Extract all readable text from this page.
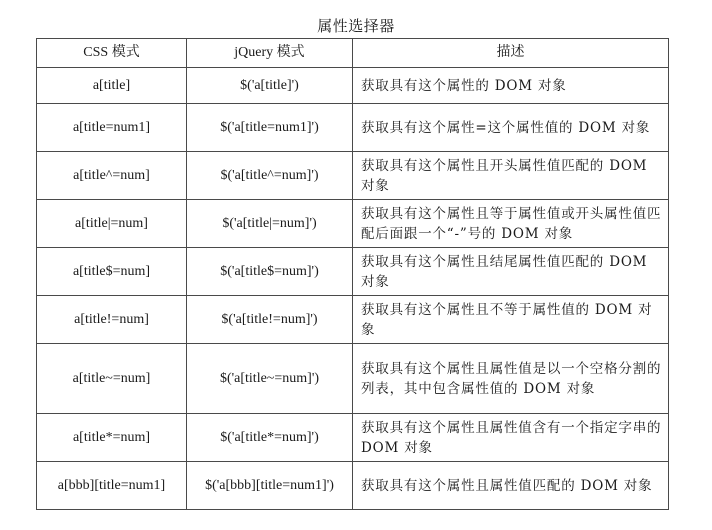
属性选择器
CSS 模式	jQuery 模式	描述
a[title]	$('a[title]')	获取具有这个属性的 DOM 对象
a[title=num1]	$('a[title=num1]')	获取具有这个属性=这个属性值的 DOM 对象
a[title^=num]	$('a[title^=num]')	获取具有这个属性且开头属性值匹配的 DOM 对象
a[title|=num]	$('a[title|=num]')	获取具有这个属性且等于属性值或开头属性值匹配后面跟一个“-”号的 DOM 对象
a[title$=num]	$('a[title$=num]')	获取具有这个属性且结尾属性值匹配的 DOM 对象
a[title!=num]	$('a[title!=num]')	获取具有这个属性且不等于属性值的 DOM 对象
a[title~=num]	$('a[title~=num]')	获取具有这个属性且属性值是以一个空格分割的列表，其中包含属性值的 DOM 对象
a[title*=num]	$('a[title*=num]')	获取具有这个属性且属性值含有一个指定字串的 DOM 对象
a[bbb][title=num1]	$('a[bbb][title=num1]')	获取具有这个属性且属性值匹配的 DOM 对象
